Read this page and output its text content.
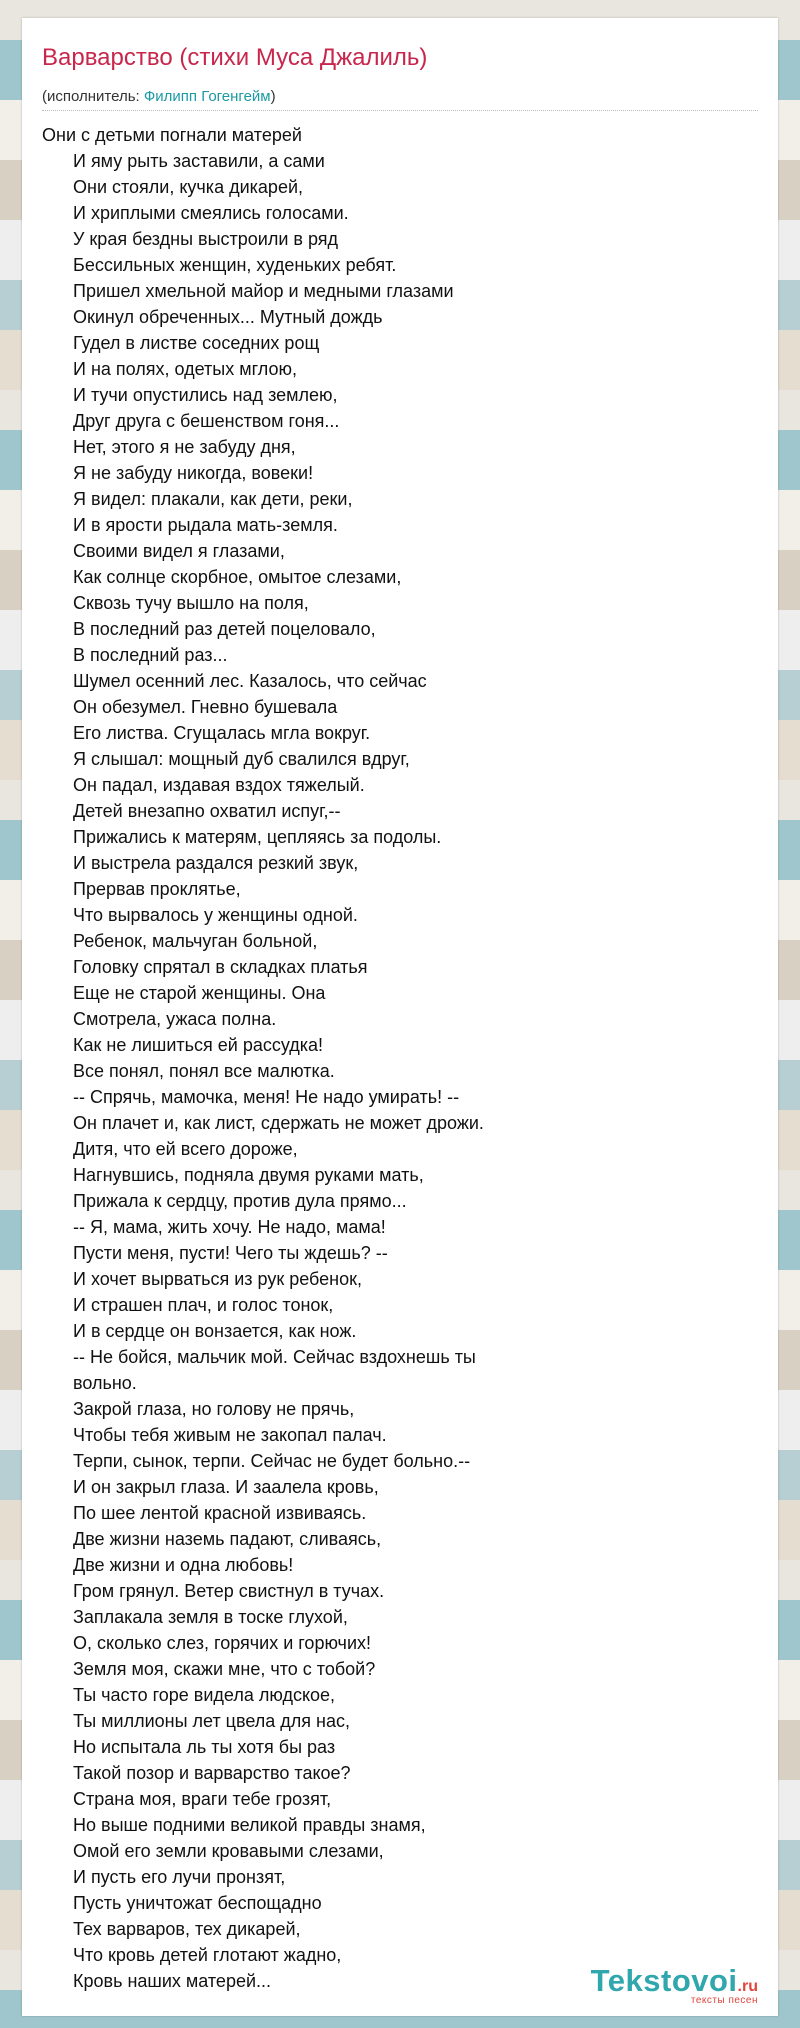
Варварство (стихи Муса Джалиль)
(исполнитель: Филипп Гогенгейм)
Они с детьми погнали матерей
И яму рыть заставили, а сами
Они стояли, кучка дикарей,
И хриплыми смеялись голосами.
У края бездны выстроили в ряд
Бессильных женщин, худеньких ребят.
Пришел хмельной майор и медными глазами
Окинул обреченных... Мутный дождь
Гудел в листве соседних рощ
И на полях, одетых мглою,
И тучи опустились над землею,
Друг друга с бешенством гоня...
Нет, этого я не забуду дня,
Я не забуду никогда, вовеки!
Я видел: плакали, как дети, реки,
И в ярости рыдала мать-земля.
Своими видел я глазами,
Как солнце скорбное, омытое слезами,
Сквозь тучу вышло на поля,
В последний раз детей поцеловало,
В последний раз...
Шумел осенний лес. Казалось, что сейчас
Он обезумел. Гневно бушевала
Его листва. Сгущалась мгла вокруг.
Я слышал: мощный дуб свалился вдруг,
Он падал, издавая вздох тяжелый.
Детей внезапно охватил испуг,--
Прижались к матерям, цепляясь за подолы.
И выстрела раздался резкий звук,
Прервав проклятье,
Что вырвалось у женщины одной.
Ребенок, мальчуган больной,
Головку спрятал в складках платья
Еще не старой женщины. Она
Смотрела, ужаса полна.
Как не лишиться ей рассудка!
Все понял, понял все малютка.
-- Спрячь, мамочка, меня! Не надо умирать! --
Он плачет и, как лист, сдержать не может дрожи.
Дитя, что ей всего дороже,
Нагнувшись, подняла двумя руками мать,
Прижала к сердцу, против дула прямо...
-- Я, мама, жить хочу. Не надо, мама!
Пусти меня, пусти! Чего ты ждешь? --
И хочет вырваться из рук ребенок,
И страшен плач, и голос тонок,
И в сердце он вонзается, как нож.
-- Не бойся, мальчик мой. Сейчас вздохнешь ты
вольно.
Закрой глаза, но голову не прячь,
Чтобы тебя живым не закопал палач.
Терпи, сынок, терпи. Сейчас не будет больно.--
И он закрыл глаза. И заалела кровь,
По шее лентой красной извиваясь.
Две жизни наземь падают, сливаясь,
Две жизни и одна любовь!
Гром грянул. Ветер свистнул в тучах.
Заплакала земля в тоске глухой,
О, сколько слез, горячих и горючих!
Земля моя, скажи мне, что с тобой?
Ты часто горе видела людское,
Ты миллионы лет цвела для нас,
Но испытала ль ты хотя бы раз
Такой позор и варварство такое?
Страна моя, враги тебе грозят,
Но выше подними великой правды знамя,
Омой его земли кровавыми слезами,
И пусть его лучи пронзят,
Пусть уничтожат беспощадно
Тех варваров, тех дикарей,
Что кровь детей глотают жадно,
Кровь наших матерей...	Tekstovoi.ru
тексты песен
